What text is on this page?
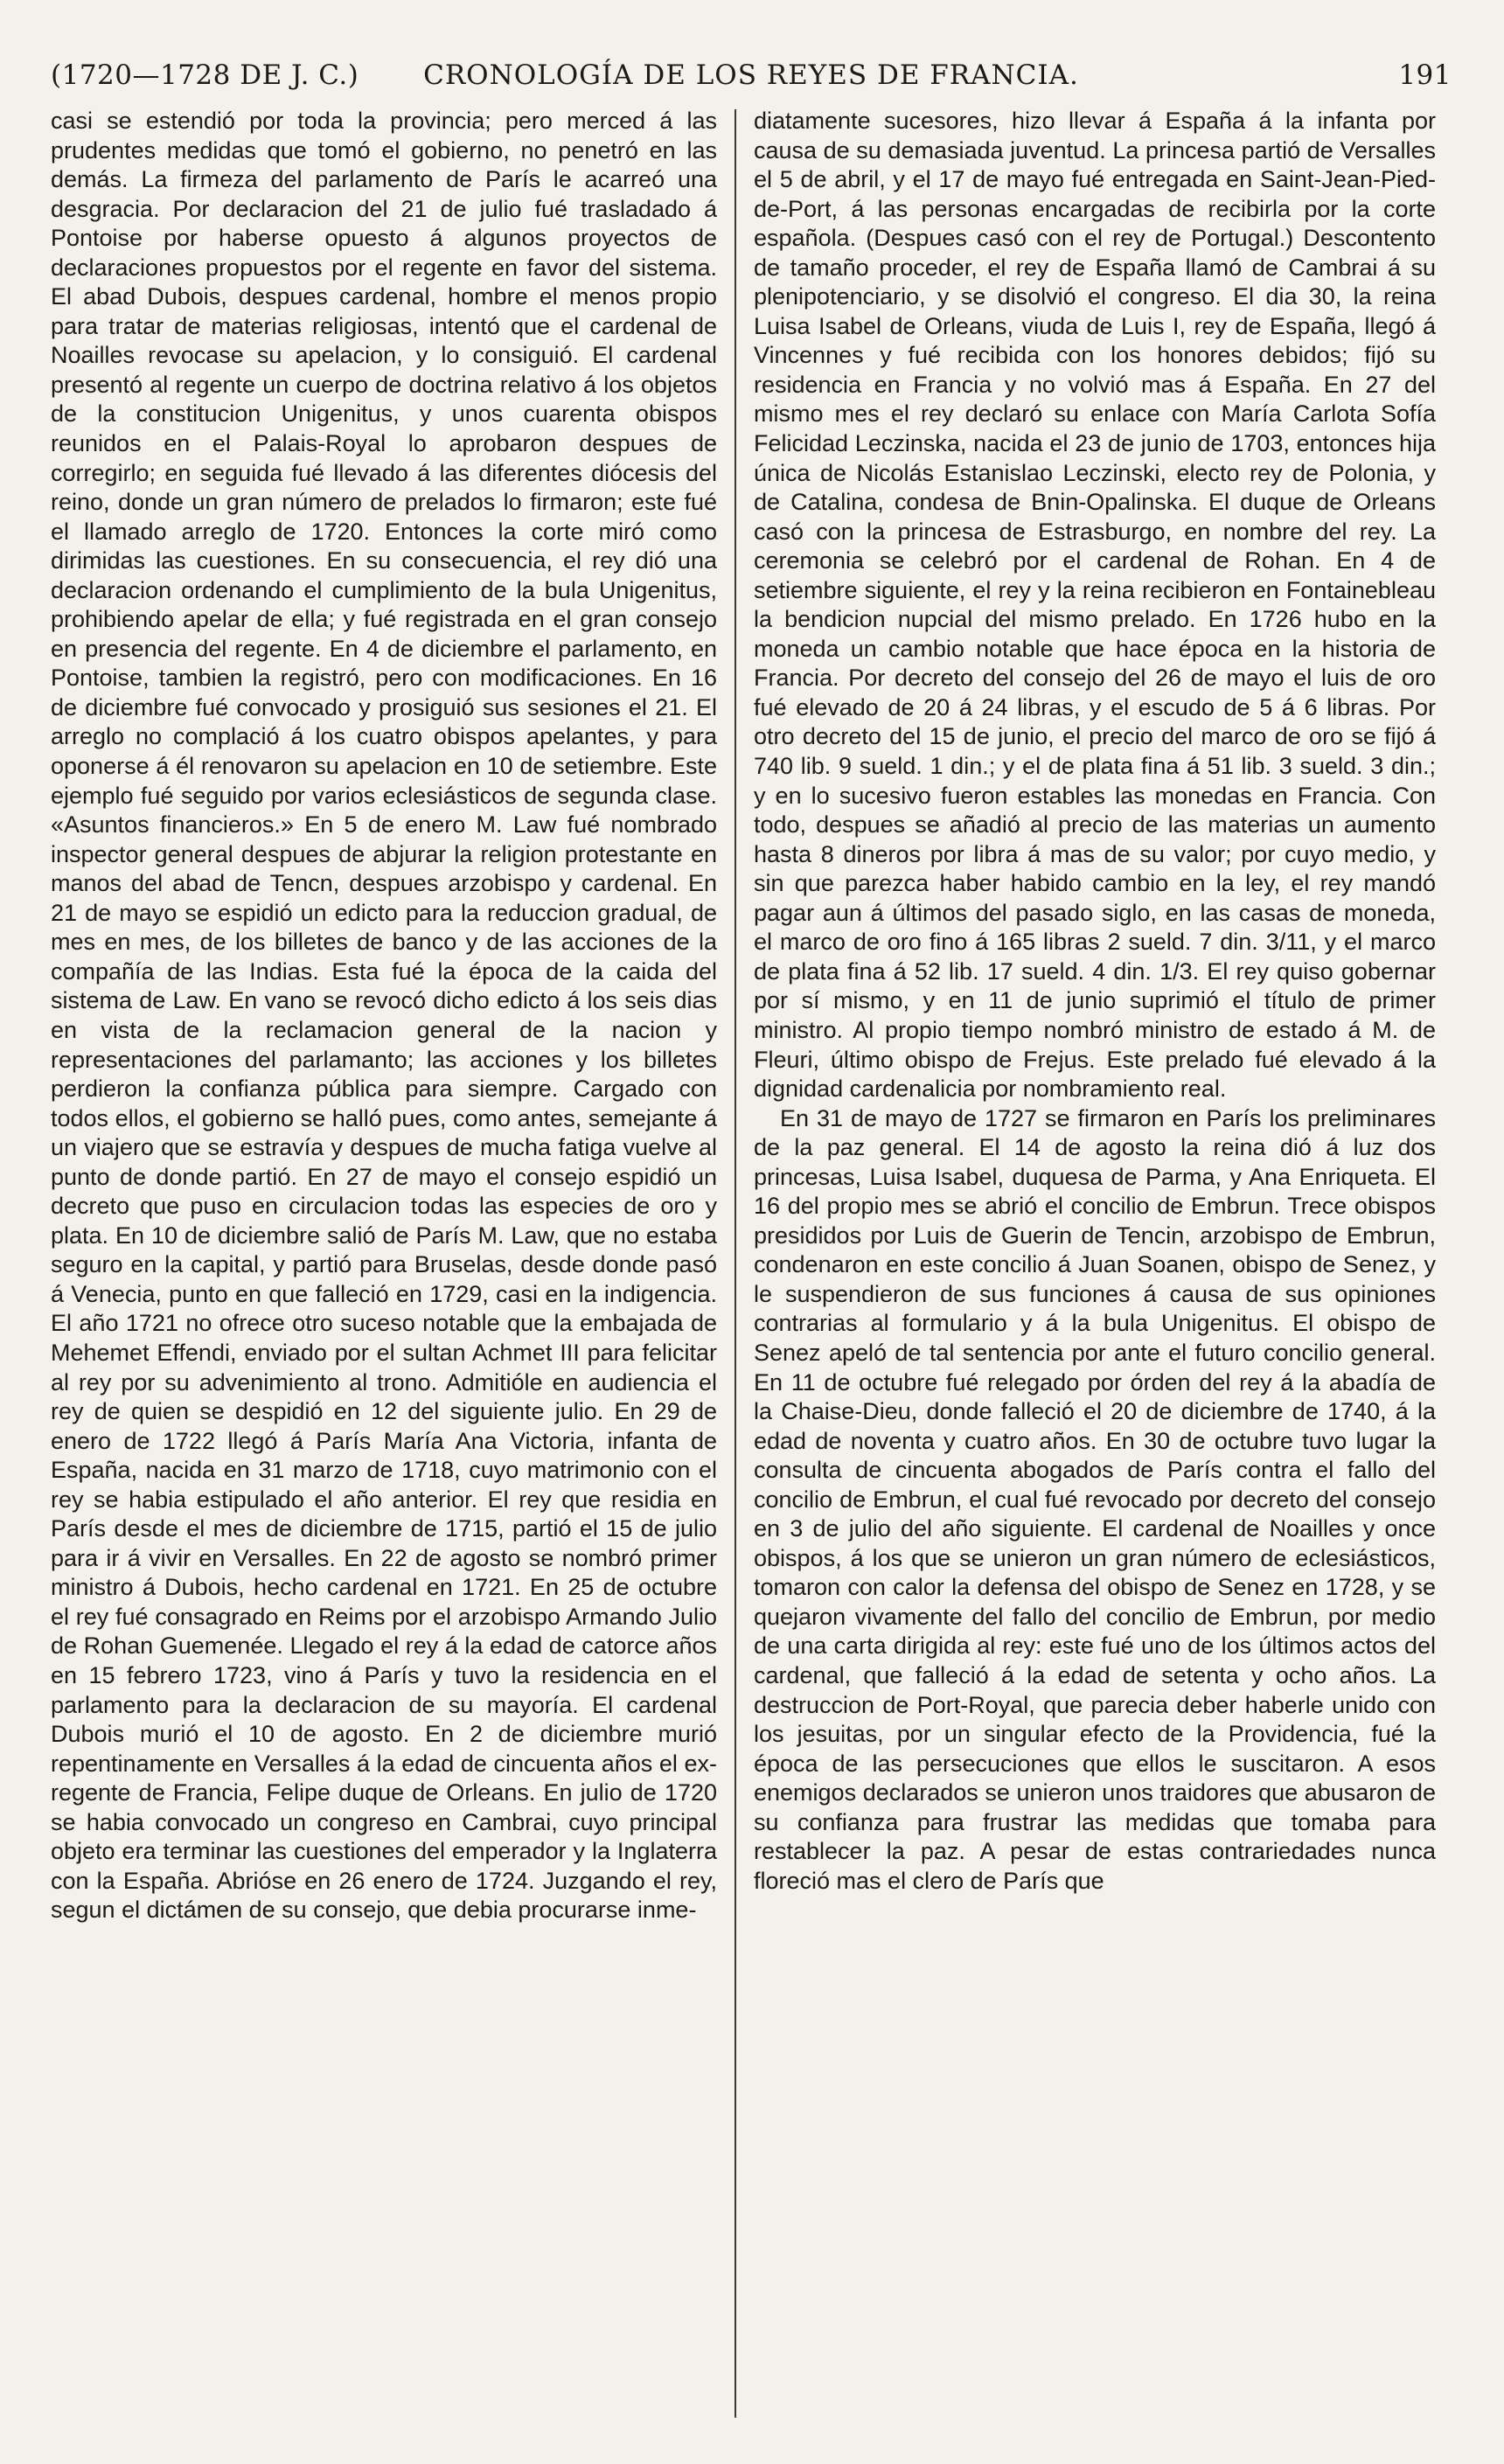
(1720—1728 DE J. C.)	CRONOLOGÍA DE LOS REYES DE FRANCIA.	191

casi se estendió por toda la provincia; pero merced á las prudentes medidas que tomó el gobierno, no penetró en las demás. La firmeza del parlamento de París le acarreó una desgracia. Por declaracion del 21 de julio fué trasladado á Pontoise por haberse opuesto á algunos proyectos de declaraciones propuestos por el regente en favor del sistema. El abad Dubois, despues cardenal, hombre el menos propio para tratar de materias religiosas, intentó que el cardenal de Noailles revocase su apelacion, y lo consiguió. El cardenal presentó al regente un cuerpo de doctrina relativo á los objetos de la constitucion Unigenitus, y unos cuarenta obispos reunidos en el Palais-Royal lo aprobaron despues de corregirlo; en seguida fué llevado á las diferentes diócesis del reino, donde un gran número de prelados lo firmaron; este fué el llamado arreglo de 1720. Entonces la corte miró como dirimidas las cuestiones. En su consecuencia, el rey dió una declaracion ordenando el cumplimiento de la bula Unigenitus, prohibiendo apelar de ella; y fué registrada en el gran consejo en presencia del regente. En 4 de diciembre el parlamento, en Pontoise, tambien la registró, pero con modificaciones. En 16 de diciembre fué convocado y prosiguió sus sesiones el 21. El arreglo no complació á los cuatro obispos apelantes, y para oponerse á él renovaron su apelacion en 10 de setiembre. Este ejemplo fué seguido por varios eclesiásticos de segunda clase. «Asuntos financieros.» En 5 de enero M. Law fué nombrado inspector general despues de abjurar la religion protestante en manos del abad de Tencn, despues arzobispo y cardenal. En 21 de mayo se espidió un edicto para la reduccion gradual, de mes en mes, de los billetes de banco y de las acciones de la compañía de las Indias. Esta fué la época de la caida del sistema de Law. En vano se revocó dicho edicto á los seis dias en vista de la reclamacion general de la nacion y representaciones del parlamanto; las acciones y los billetes perdieron la confianza pública para siempre. Cargado con todos ellos, el gobierno se halló pues, como antes, semejante á un viajero que se estravía y despues de mucha fatiga vuelve al punto de donde partió. En 27 de mayo el consejo espidió un decreto que puso en circulacion todas las especies de oro y plata. En 10 de diciembre salió de París M. Law, que no estaba seguro en la capital, y partió para Bruselas, desde donde pasó á Venecia, punto en que falleció en 1729, casi en la indigencia. El año 1721 no ofrece otro suceso notable que la embajada de Mehemet Effendi, enviado por el sultan Achmet III para felicitar al rey por su advenimiento al trono. Admitióle en audiencia el rey de quien se despidió en 12 del siguiente julio. En 29 de enero de 1722 llegó á París María Ana Victoria, infanta de España, nacida en 31 marzo de 1718, cuyo matrimonio con el rey se habia estipulado el año anterior. El rey que residia en París desde el mes de diciembre de 1715, partió el 15 de julio para ir á vivir en Versalles. En 22 de agosto se nombró primer ministro á Dubois, hecho cardenal en 1721. En 25 de octubre el rey fué consagrado en Reims por el arzobispo Armando Julio de Rohan Guemenée. Llegado el rey á la edad de catorce años en 15 febrero 1723, vino á París y tuvo la residencia en el parlamento para la declaracion de su mayoría. El cardenal Dubois murió el 10 de agosto. En 2 de diciembre murió repentinamente en Versalles á la edad de cincuenta años el ex-regente de Francia, Felipe duque de Orleans. En julio de 1720 se habia convocado un congreso en Cambrai, cuyo principal objeto era terminar las cuestiones del emperador y la Inglaterra con la España. Abrióse en 26 enero de 1724. Juzgando el rey, segun el dictámen de su consejo, que debia procurarse inme-

diatamente sucesores, hizo llevar á España á la infanta por causa de su demasiada juventud. La princesa partió de Versalles el 5 de abril, y el 17 de mayo fué entregada en Saint-Jean-Pied-de-Port, á las personas encargadas de recibirla por la corte española. (Despues casó con el rey de Portugal.) Descontento de tamaño proceder, el rey de España llamó de Cambrai á su plenipotenciario, y se disolvió el congreso. El dia 30, la reina Luisa Isabel de Orleans, viuda de Luis I, rey de España, llegó á Vincennes y fué recibida con los honores debidos; fijó su residencia en Francia y no volvió mas á España. En 27 del mismo mes el rey declaró su enlace con María Carlota Sofía Felicidad Leczinska, nacida el 23 de junio de 1703, entonces hija única de Nicolás Estanislao Leczinski, electo rey de Polonia, y de Catalina, condesa de Bnin-Opalinska. El duque de Orleans casó con la princesa de Estrasburgo, en nombre del rey. La ceremonia se celebró por el cardenal de Rohan. En 4 de setiembre siguiente, el rey y la reina recibieron en Fontainebleau la bendicion nupcial del mismo prelado. En 1726 hubo en la moneda un cambio notable que hace época en la historia de Francia. Por decreto del consejo del 26 de mayo el luis de oro fué elevado de 20 á 24 libras, y el escudo de 5 á 6 libras. Por otro decreto del 15 de junio, el precio del marco de oro se fijó á 740 lib. 9 sueld. 1 din.; y el de plata fina á 51 lib. 3 sueld. 3 din.; y en lo sucesivo fueron estables las monedas en Francia. Con todo, despues se añadió al precio de las materias un aumento hasta 8 dineros por libra á mas de su valor; por cuyo medio, y sin que parezca haber habido cambio en la ley, el rey mandó pagar aun á últimos del pasado siglo, en las casas de moneda, el marco de oro fino á 165 libras 2 sueld. 7 din. 3/11, y el marco de plata fina á 52 lib. 17 sueld. 4 din. 1/3. El rey quiso gobernar por sí mismo, y en 11 de junio suprimió el título de primer ministro. Al propio tiempo nombró ministro de estado á M. de Fleuri, último obispo de Frejus. Este prelado fué elevado á la dignidad cardenalicia por nombramiento real.

En 31 de mayo de 1727 se firmaron en París los preliminares de la paz general. El 14 de agosto la reina dió á luz dos princesas, Luisa Isabel, duquesa de Parma, y Ana Enriqueta. El 16 del propio mes se abrió el concilio de Embrun. Trece obispos presididos por Luis de Guerin de Tencin, arzobispo de Embrun, condenaron en este concilio á Juan Soanen, obispo de Senez, y le suspendieron de sus funciones á causa de sus opiniones contrarias al formulario y á la bula Unigenitus. El obispo de Senez apeló de tal sentencia por ante el futuro concilio general. En 11 de octubre fué relegado por órden del rey á la abadía de la Chaise-Dieu, donde falleció el 20 de diciembre de 1740, á la edad de noventa y cuatro años. En 30 de octubre tuvo lugar la consulta de cincuenta abogados de París contra el fallo del concilio de Embrun, el cual fué revocado por decreto del consejo en 3 de julio del año siguiente. El cardenal de Noailles y once obispos, á los que se unieron un gran número de eclesiásticos, tomaron con calor la defensa del obispo de Senez en 1728, y se quejaron vivamente del fallo del concilio de Embrun, por medio de una carta dirigida al rey: este fué uno de los últimos actos del cardenal, que falleció á la edad de setenta y ocho años. La destruccion de Port-Royal, que parecia deber haberle unido con los jesuitas, por un singular efecto de la Providencia, fué la época de las persecuciones que ellos le suscitaron. A esos enemigos declarados se unieron unos traidores que abusaron de su confianza para frustrar las medidas que tomaba para restablecer la paz. A pesar de estas contrariedades nunca floreció mas el clero de París que
